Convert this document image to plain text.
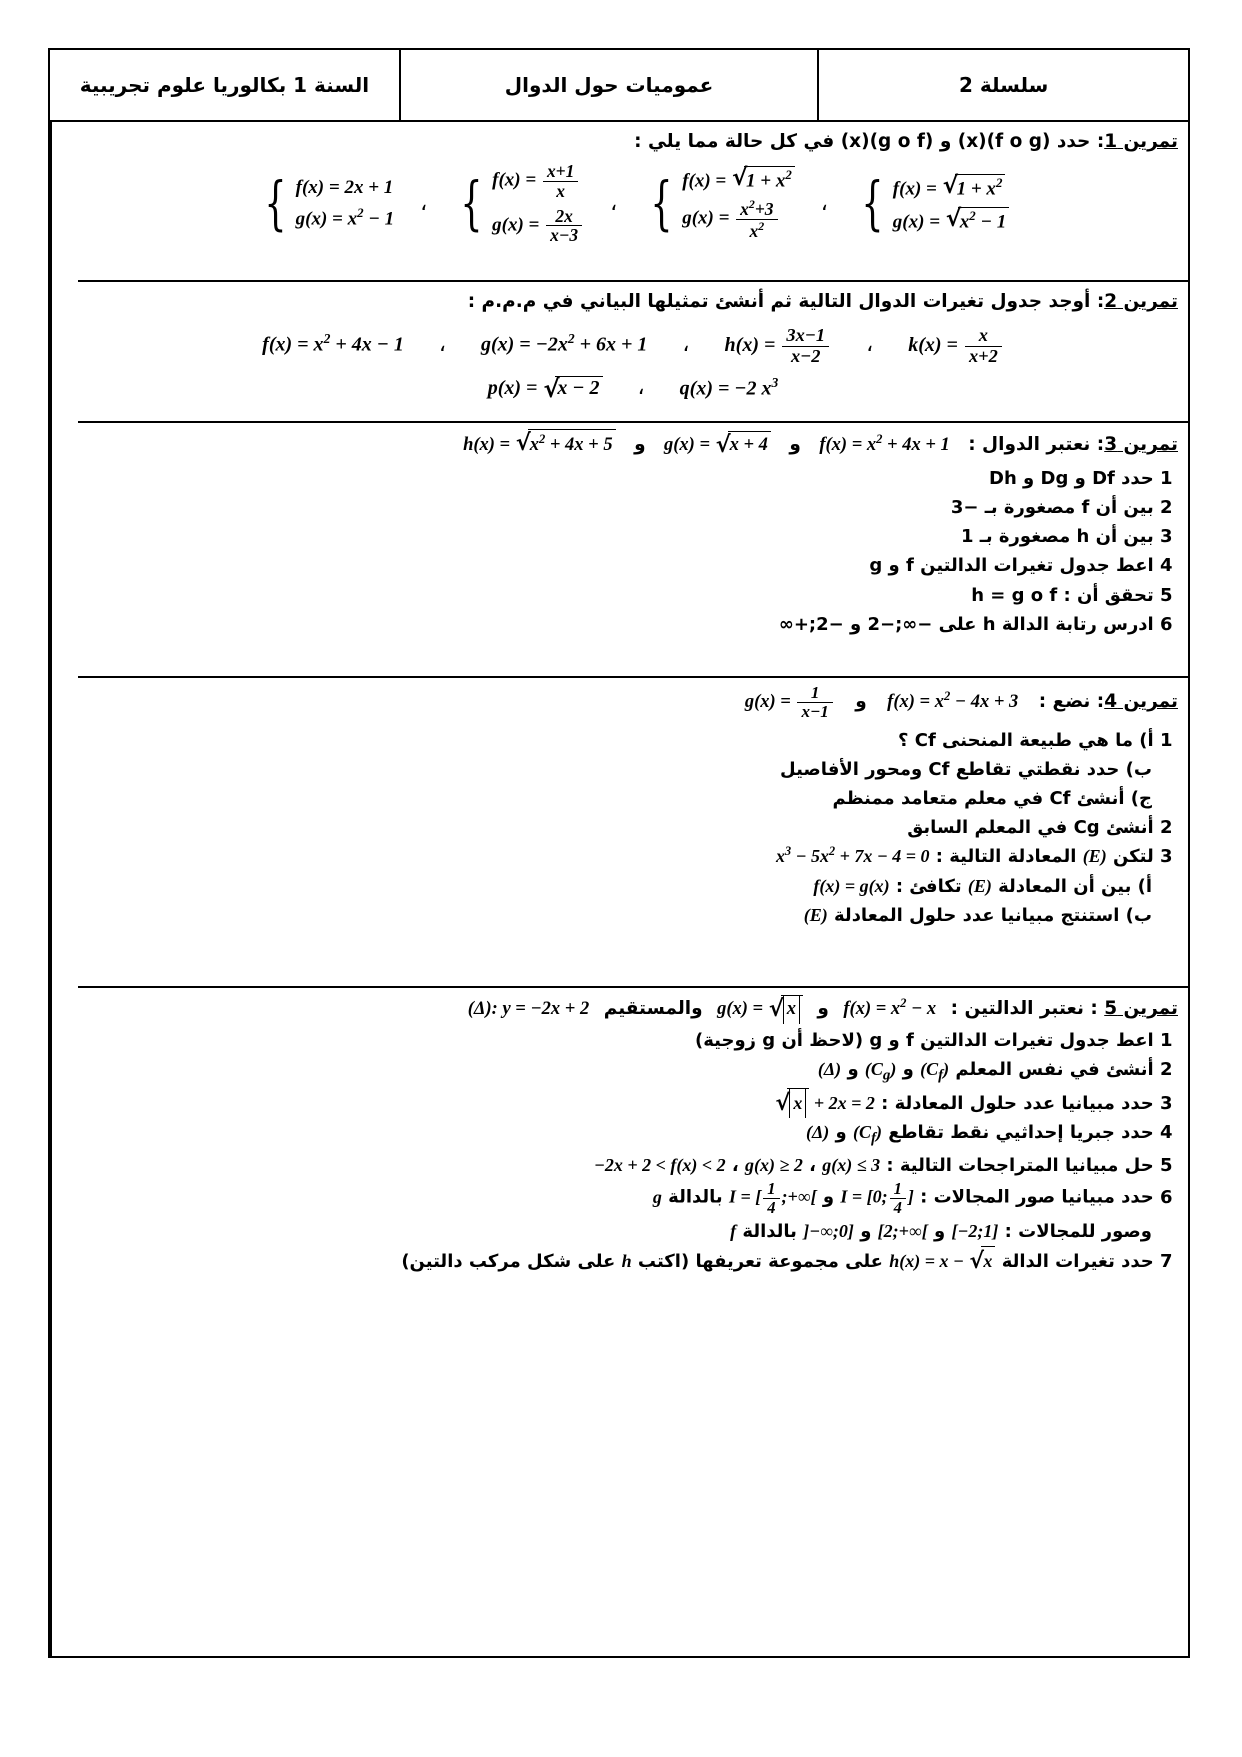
سلسلة 2
عموميات حول الدوال
السنة 1 بكالوريا علوم تجريبية
تمرين 1: حدد (f o g)(x) و (g o f)(x) في كل حالة مما يلي :
{ f(x) = 2x + 1
$g(x) = x^2 - 1$
، { $f(x) = \frac{x+1}{x}$
$g(x) = \frac{2x}{x-3}$
، { f(x) = √ $1 + x^2$
$g(x) = \frac{x^2+3}{x^2}$ ، { f(x) = √ $1 + x^2$
g(x) = √ $x^2 - 1$
تمرين 2: أوجد جدول تغيرات الدوال التالية ثم أنشئ تمثيلها البياني في م.م.م :
$k(x) = \frac{x}{x+2}$
، $h(x) = \frac{3x-1}{x-2}$
، $g(x) = -2x^2 + 6x + 1$ ، $f(x) = x^2 + 4x - 1$
q(x) = −2 $x^3$ ، p(x) = √ x − 2
تمرين 3: نعتبر الدوال : $f(x) = x^2 + 4x + 1$ و g(x) = √ x + 4 و h(x) = √ $x^2 + 4x + 5$
1 حدد Df و Dg و Dh
2 بين أن f مصغورة بـ −3
3 بين أن h مصغورة بـ 1
4 اعط جدول تغيرات الدالتين f و g
5 تحقق أن : h = g o f
6 ادرس رتابة الدالة h على −∞;−2 و −2;+∞
تمرين 4: نضع : $f(x) = x^2 - 4x + 3$ و $g(x) = \frac{1}{x-1}$
1 أ) ما هي طبيعة المنحنى Cf ؟
ب) حدد نقطتي تقاطع Cf ومحور الأفاصيل
ج) أنشئ Cf في معلم متعامد ممنظم
2 أنشئ Cg في المعلم السابق
3 لتكن (E) المعادلة التالية : $x^3 - 5x^2 + 7x - 4 = 0$
أ) بين أن المعادلة (E) تكافئ : f(x) = g(x)
ب) استنتج مبيانيا عدد حلول المعادلة (E)
تمرين 5 : نعتبر الدالتين : $f(x) = x^2 - x$ و g(x) = √ x والمستقيم (Δ): y = −2x + 2
1 اعط جدول تغيرات الدالتين f و g (لاحظ أن g زوجية)
2 أنشئ في نفس المعلم $(C_f)$ و $(C_g)$ و (Δ)
3 حدد مبيانيا عدد حلول المعادلة : √ x + 2x = 2
4 حدد جبريا إحداثيي نقط تقاطع $(C_f)$ و (Δ)
5 حل مبيانيا المتراجحات التالية : g(x) ≤ 3 ، g(x) ≥ 2 ، −2x + 2 < f(x) < 2
6 حدد مبيانيا صور المجالات : I = [0; $\frac{1}{4}$ ] و I = [ $\frac{1}{4}$ ;+∞[ بالدالة g
وصور للمجالات : [−2;1] و [2;+∞[ و ]−∞;0] بالدالة f
7 حدد تغيرات الدالة h(x) = x − √ x على مجموعة تعريفها (اكتب h على شكل مركب دالتين)
